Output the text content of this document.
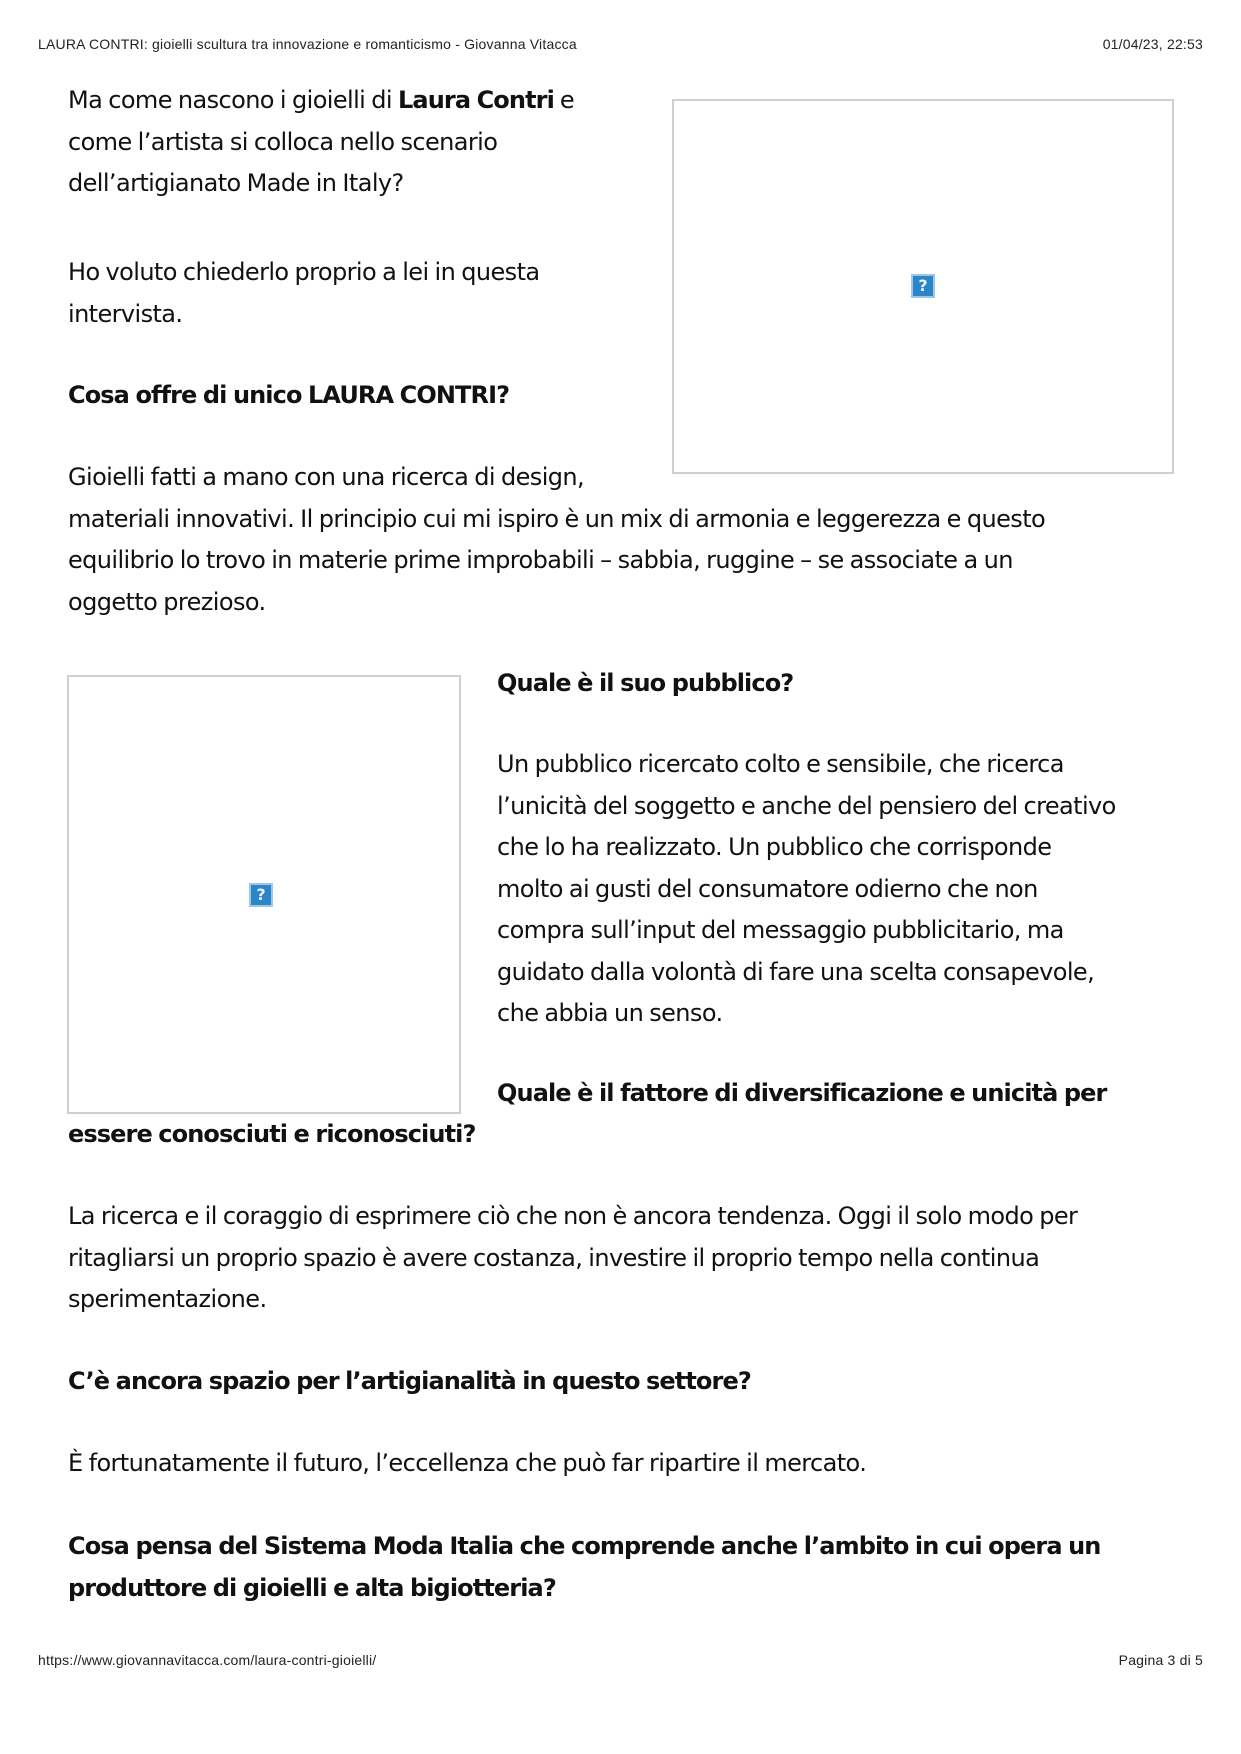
LAURA CONTRI: gioielli scultura tra innovazione e romanticismo - Giovanna Vitacca	01/04/23, 22:53

Ma come nascono i gioielli di Laura Contri e
come l’artista si colloca nello scenario
dell’artigianato Made in Italy?

Ho voluto chiederlo proprio a lei in questa
intervista.

Cosa offre di unico LAURA CONTRI?

?

Gioielli fatti a mano con una ricerca di design,
materiali innovativi. Il principio cui mi ispiro è un mix di armonia e leggerezza e questo
equilibrio lo trovo in materie prime improbabili – sabbia, ruggine – se associate a un
oggetto prezioso.

?

Quale è il suo pubblico?

Un pubblico ricercato colto e sensibile, che ricerca
l’unicità del soggetto e anche del pensiero del creativo
che lo ha realizzato. Un pubblico che corrisponde
molto ai gusti del consumatore odierno che non
compra sull’input del messaggio pubblicitario, ma
guidato dalla volontà di fare una scelta consapevole,
che abbia un senso.

Quale è il fattore di diversificazione e unicità per

essere conosciuti e riconosciuti?

La ricerca e il coraggio di esprimere ciò che non è ancora tendenza. Oggi il solo modo per
ritagliarsi un proprio spazio è avere costanza, investire il proprio tempo nella continua
sperimentazione.

C’è ancora spazio per l’artigianalità in questo settore?

È fortunatamente il futuro, l’eccellenza che può far ripartire il mercato.

Cosa pensa del Sistema Moda Italia che comprende anche l’ambito in cui opera un
produttore di gioielli e alta bigiotteria?

https://www.giovannavitacca.com/laura-contri-gioielli/	Pagina 3 di 5
